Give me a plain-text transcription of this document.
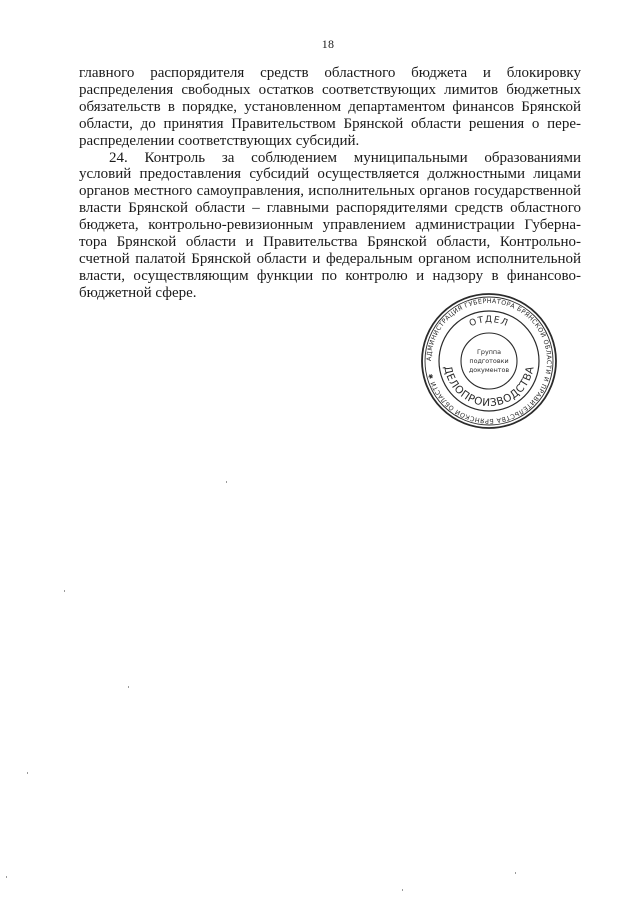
18
главного распорядителя средств областного бюджета и блокировку
распределения свободных остатков соответствующих лимитов бюджетных
обязательств в порядке, установленном департаментом финансов Брянской
области, до принятия Правительством Брянской области решения о пере-
распределении соответствующих субсидий.
24. Контроль за соблюдением муниципальными образованиями
условий предоставления субсидий осуществляется должностными лицами
органов местного самоуправления, исполнительных органов государственной
власти Брянской области – главными распорядителями средств областного
бюджета, контрольно-ревизионным управлением администрации Губерна-
тора Брянской области и Правительства Брянской области, Контрольно-
счетной палатой Брянской области и федеральным органом исполнительной
власти, осуществляющим функции по контролю и надзору в финансово-
бюджетной сфере.
АДМИНИСТРАЦИЯ ГУБЕРНАТОРА БРЯНСКОЙ ОБЛАСТИ И ПРАВИТЕЛЬСТВА БРЯНСКОЙ ОБЛАСТИ ✱
ОТДЕЛ
ДЕЛОПРОИЗВОДСТВА
Группа
подготовки
документов
